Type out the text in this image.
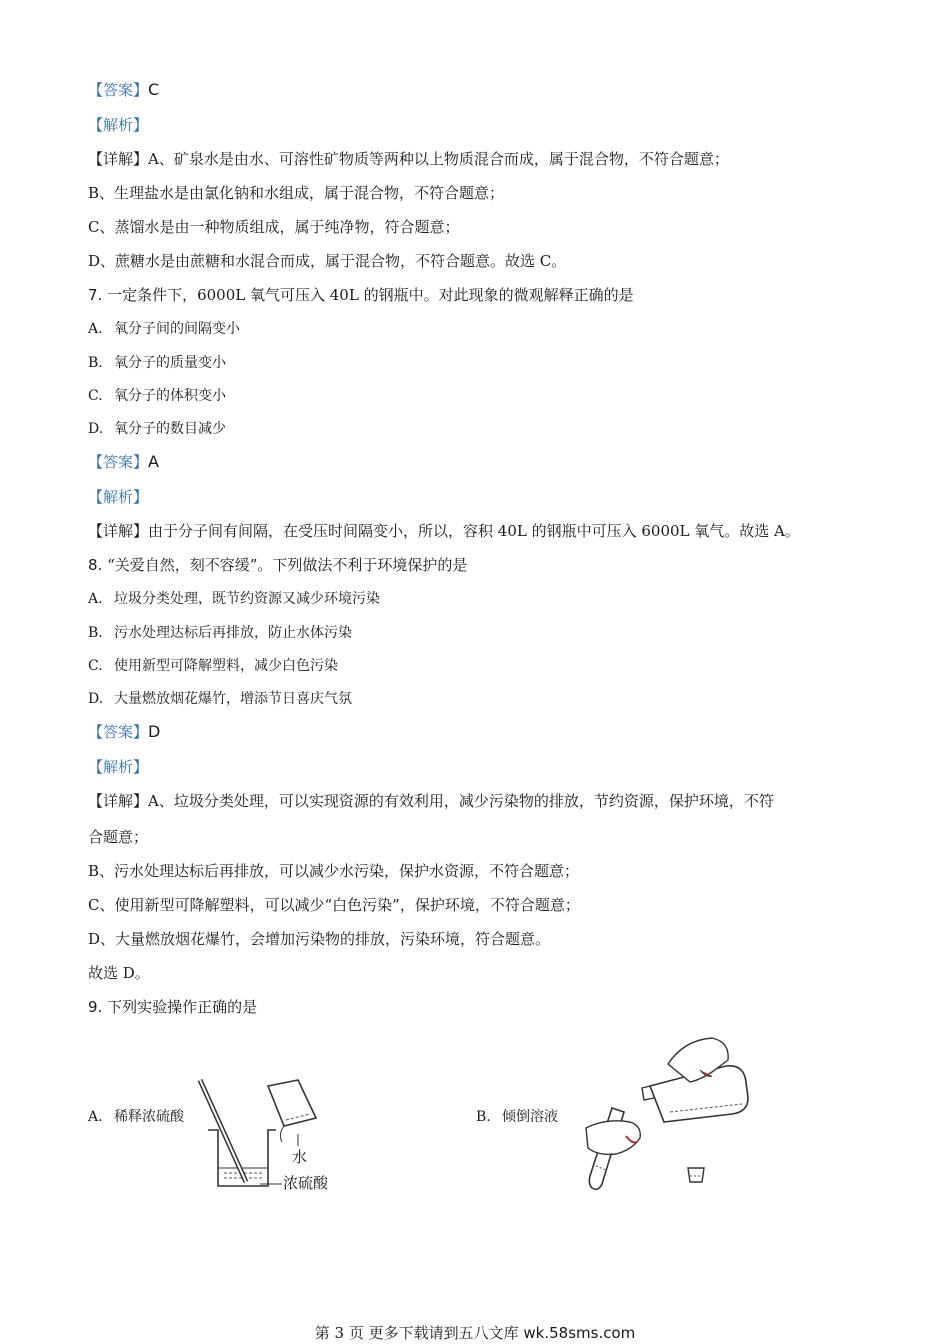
【答案】C
【解析】
【详解】A、矿泉水是由水、可溶性矿物质等两种以上物质混合而成，属于混合物，不符合题意；
B、生理盐水是由氯化钠和水组成，属于混合物，不符合题意；
C、蒸馏水是由一种物质组成，属于纯净物，符合题意；
D、蔗糖水是由蔗糖和水混合而成，属于混合物，不符合题意。故选 C。
7. 一定条件下，6000L 氧气可压入 40L 的钢瓶中。对此现象的微观解释正确的是
A. 氧分子间的间隔变小
B. 氧分子的质量变小
C. 氧分子的体积变小
D. 氧分子的数目减少
【答案】A
【解析】
【详解】由于分子间有间隔，在受压时间隔变小，所以，容积 40L 的钢瓶中可压入 6000L 氧气。故选 A。
8. “关爱自然，刻不容缓”。下列做法不利于环境保护的是
A. 垃圾分类处理，既节约资源又减少环境污染
B. 污水处理达标后再排放，防止水体污染
C. 使用新型可降解塑料，减少白色污染
D. 大量燃放烟花爆竹，增添节日喜庆气氛
【答案】D
【解析】
【详解】A、垃圾分类处理，可以实现资源的有效利用，减少污染物的排放，节约资源，保护环境，不符
合题意；
B、污水处理达标后再排放，可以减少水污染，保护水资源，不符合题意；
C、使用新型可降解塑料，可以减少“白色污染”，保护环境，不符合题意；
D、大量燃放烟花爆竹，会增加污染物的排放，污染环境，符合题意。
故选 D。
9. 下列实验操作正确的是
A. 稀释浓硫酸
水
浓硫酸
B. 倾倒溶液
第 3 页 更多下载请到五八文库 wk.58sms.com
